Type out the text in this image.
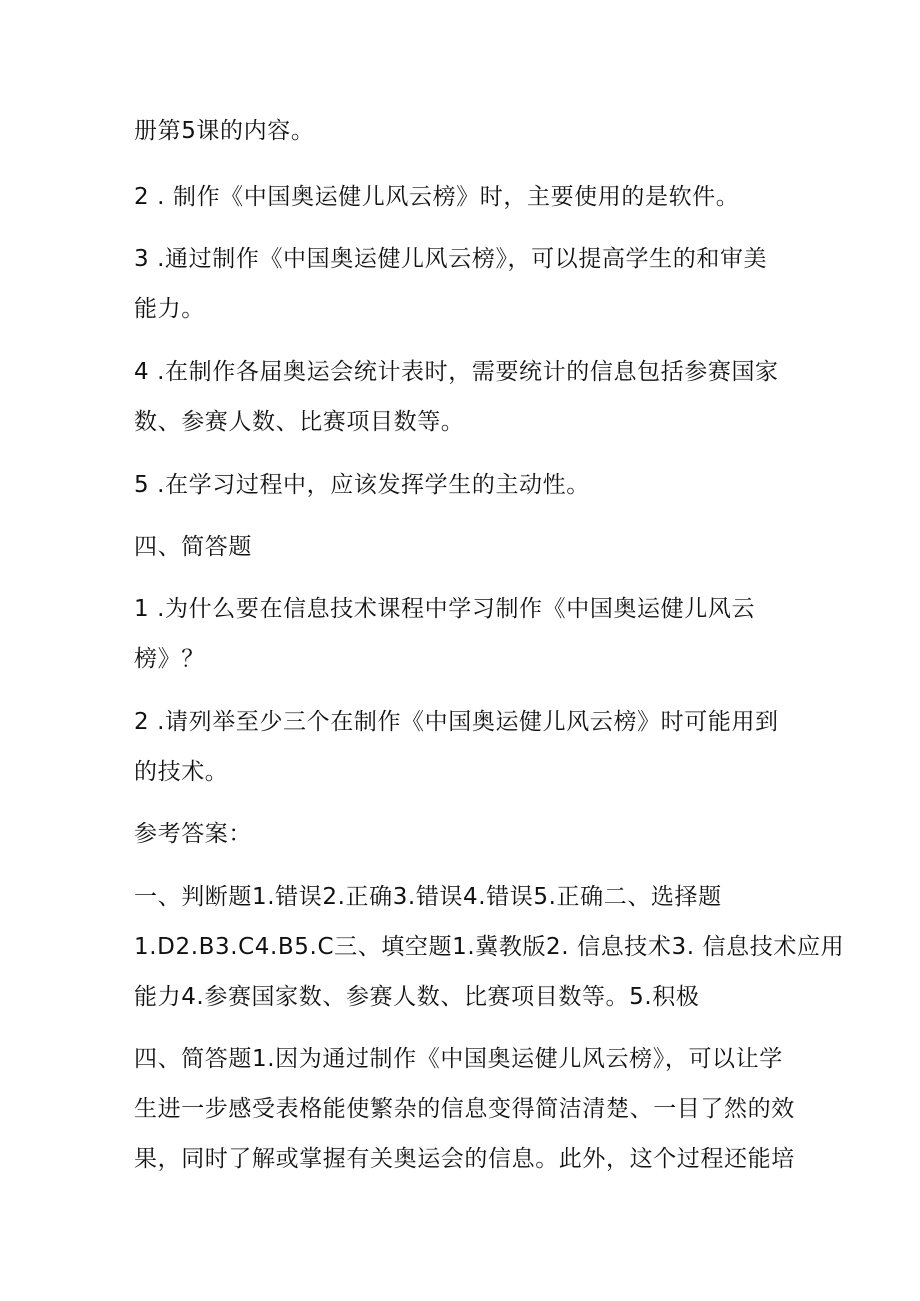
册第5课的内容。

2 . 制作《中国奥运健儿风云榜》时，主要使用的是软件。

3 .通过制作《中国奥运健儿风云榜》，可以提高学生的和审美

能力。

4 .在制作各届奥运会统计表时，需要统计的信息包括参赛国家

数、参赛人数、比赛项目数等。

5 .在学习过程中，应该发挥学生的主动性。

四、简答题

1 .为什么要在信息技术课程中学习制作《中国奥运健儿风云

榜》？

2 .请列举至少三个在制作《中国奥运健儿风云榜》时可能用到

的技术。

参考答案：

一、判断题1.错误2.正确3.错误4.错误5.正确二、选择题

1.D2.B3.C4.B5.C三、填空题1.冀教版2. 信息技术3. 信息技术应用

能力4.参赛国家数、参赛人数、比赛项目数等。5.积极

四、简答题1.因为通过制作《中国奥运健儿风云榜》，可以让学

生进一步感受表格能使繁杂的信息变得简洁清楚、一目了然的效

果，同时了解或掌握有关奥运会的信息。此外，这个过程还能培
